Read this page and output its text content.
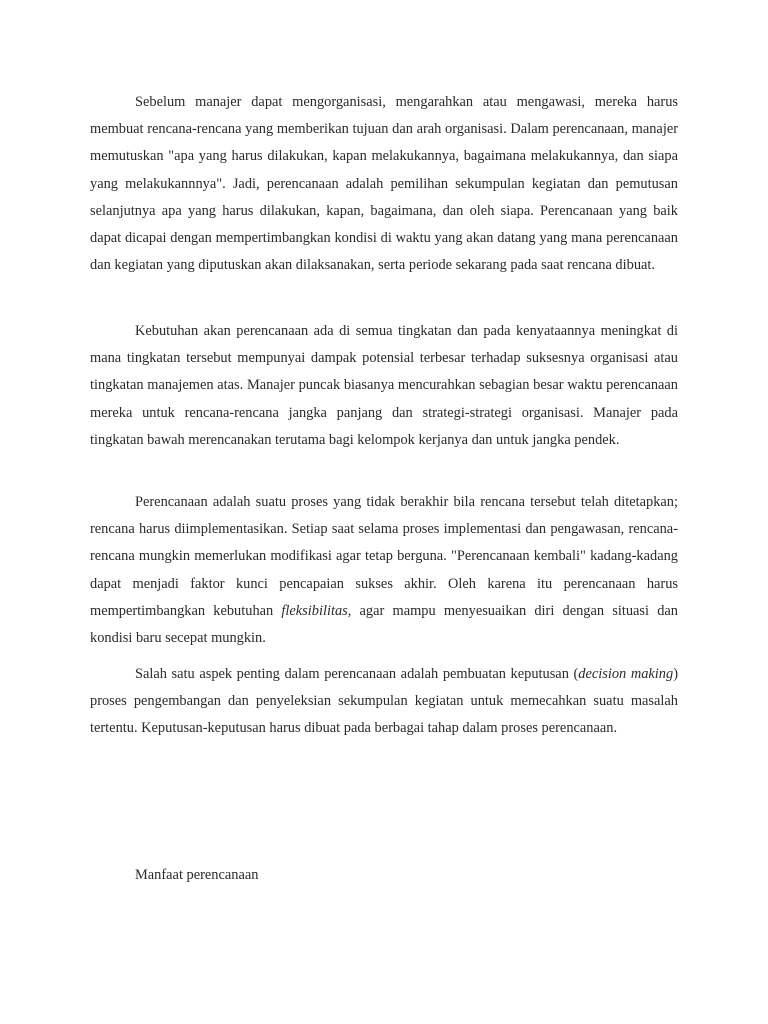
Sebelum manajer dapat mengorganisasi, mengarahkan atau mengawasi, mereka harus membuat rencana-rencana yang memberikan tujuan dan arah organisasi. Dalam perencanaan, manajer memutuskan "apa yang harus dilakukan, kapan melakukannya, bagaimana melakukannya, dan siapa yang melakukannnya". Jadi, perencanaan adalah pemilihan sekumpulan kegiatan dan pemutusan selanjutnya apa yang harus dilakukan, kapan, bagaimana, dan oleh siapa. Perencanaan yang baik dapat dicapai dengan mempertimbangkan kondisi di waktu yang akan datang yang mana perencanaan dan kegiatan yang diputuskan akan dilaksanakan, serta periode sekarang pada saat rencana dibuat.

Kebutuhan akan perencanaan ada di semua tingkatan dan pada kenyataannya meningkat di mana tingkatan tersebut mempunyai dampak potensial terbesar terhadap suksesnya organisasi atau tingkatan manajemen atas. Manajer puncak biasanya mencurahkan sebagian besar waktu perencanaan mereka untuk rencana-rencana jangka panjang dan strategi-strategi organisasi. Manajer pada tingkatan bawah merencanakan terutama bagi kelompok kerjanya dan untuk jangka pendek.

Perencanaan adalah suatu proses yang tidak berakhir bila rencana tersebut telah ditetapkan; rencana harus diimplementasikan. Setiap saat selama proses implementasi dan pengawasan, rencana-rencana mungkin memerlukan modifikasi agar tetap berguna. "Perencanaan kembali" kadang-kadang dapat menjadi faktor kunci pencapaian sukses akhir. Oleh karena itu perencanaan harus mempertimbangkan kebutuhan fleksibilitas, agar mampu menyesuaikan diri dengan situasi dan kondisi baru secepat mungkin.

Salah satu aspek penting dalam perencanaan adalah pembuatan keputusan (decision making) proses pengembangan dan penyeleksian sekumpulan kegiatan untuk memecahkan suatu masalah tertentu. Keputusan-keputusan harus dibuat pada berbagai tahap dalam proses perencanaan.

Manfaat perencanaan
